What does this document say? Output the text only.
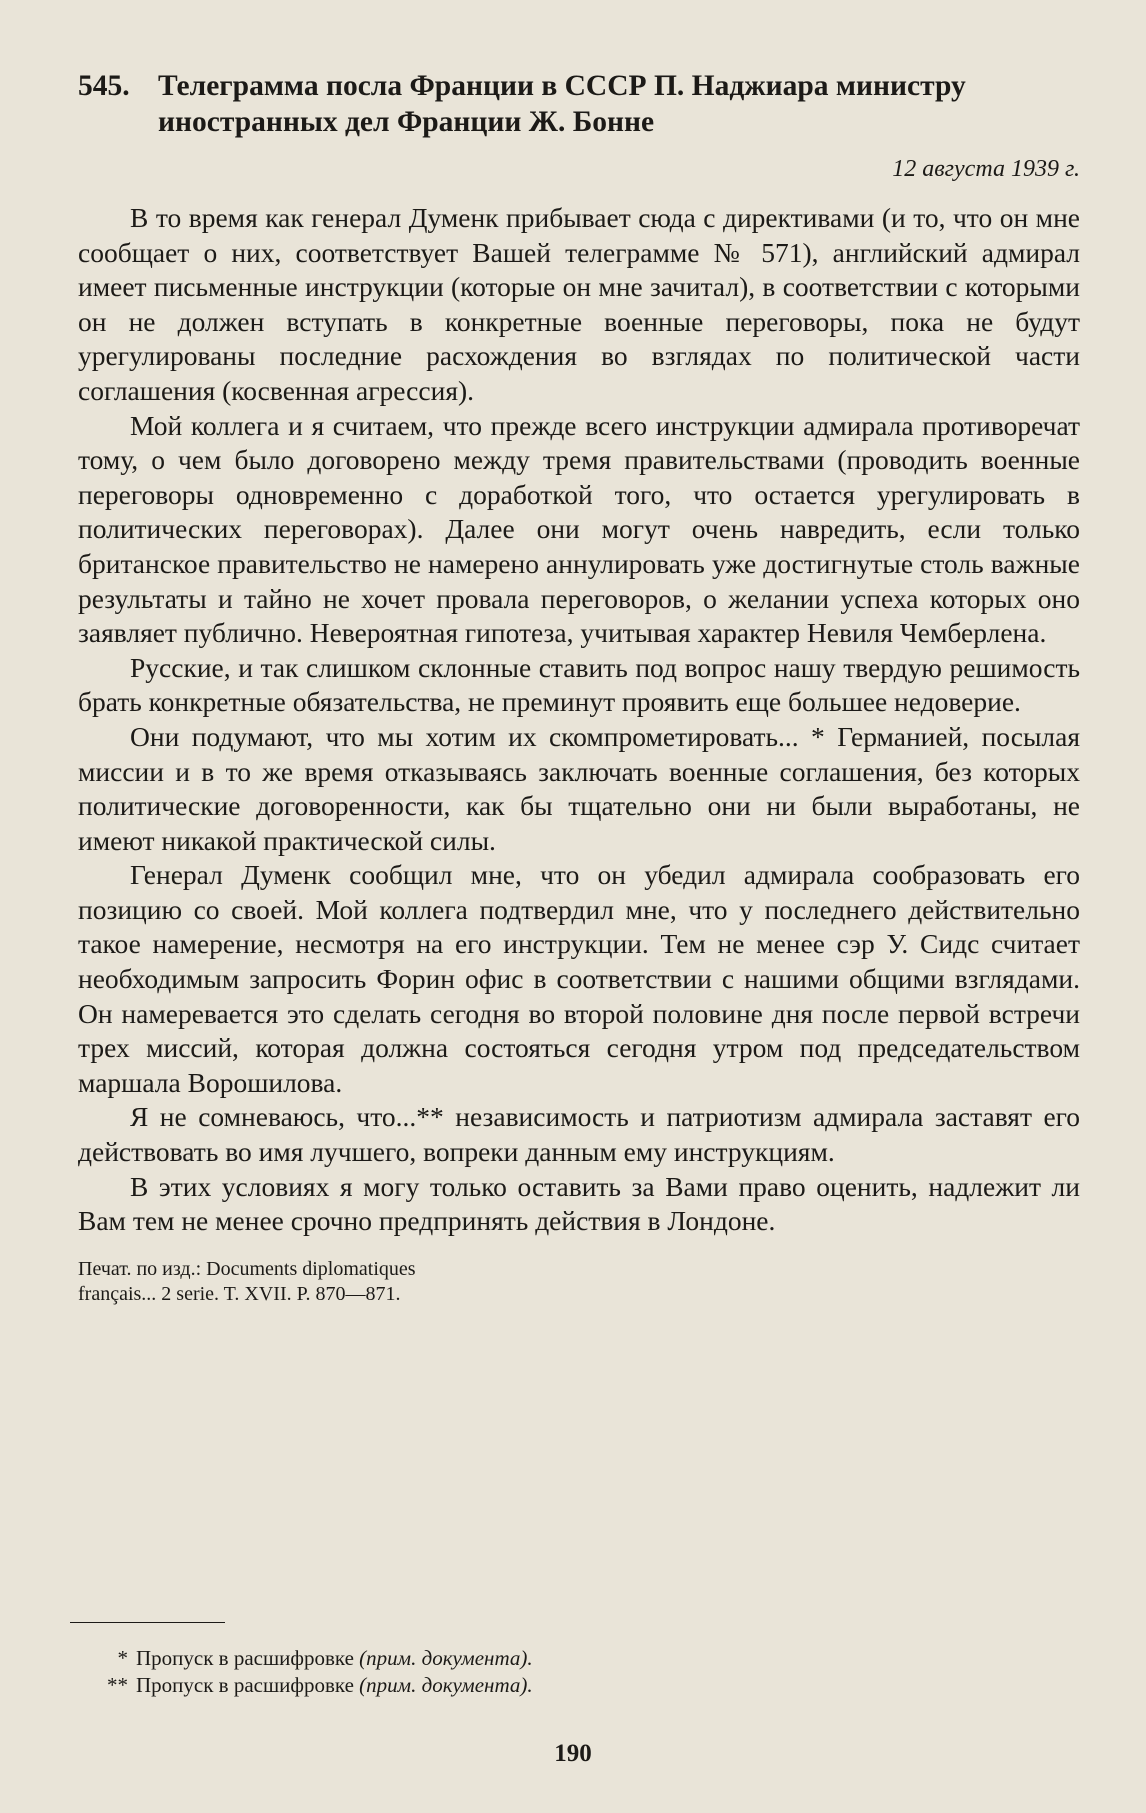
545. Телеграмма посла Франции в СССР П. Наджиара министру иностранных дел Франции Ж. Бонне
12 августа 1939 г.

В то время как генерал Думенк прибывает сюда с директивами (и то, что он мне сообщает о них, соответствует Вашей телеграмме № 571), английский адмирал имеет письменные инструкции (которые он мне зачитал), в соответствии с которыми он не должен вступать в конкретные военные переговоры, пока не будут урегулированы последние расхождения во взглядах по политической части соглашения (косвенная агрессия).

Мой коллега и я считаем, что прежде всего инструкции адмирала противоречат тому, о чем было договорено между тремя правительствами (проводить военные переговоры одновременно с доработкой того, что остается урегулировать в политических переговорах). Далее они могут очень навредить, если только британское правительство не намерено аннулировать уже достигнутые столь важные результаты и тайно не хочет провала переговоров, о желании успеха которых оно заявляет публично. Невероятная гипотеза, учитывая характер Невиля Чемберлена.

Русские, и так слишком склонные ставить под вопрос нашу твердую решимость брать конкретные обязательства, не преминут проявить еще большее недоверие.

Они подумают, что мы хотим их скомпрометировать... * Германией, посылая миссии и в то же время отказываясь заключать военные соглашения, без которых политические договоренности, как бы тщательно они ни были выработаны, не имеют никакой практической силы.

Генерал Думенк сообщил мне, что он убедил адмирала сообразовать его позицию со своей. Мой коллега подтвердил мне, что у последнего действительно такое намерение, несмотря на его инструкции. Тем не менее сэр У. Сидс считает необходимым запросить Форин офис в соответствии с нашими общими взглядами. Он намеревается это сделать сегодня во второй половине дня после первой встречи трех миссий, которая должна состояться сегодня утром под председательством маршала Ворошилова.

Я не сомневаюсь, что...** независимость и патриотизм адмирала заставят его действовать во имя лучшего, вопреки данным ему инструкциям.

В этих условиях я могу только оставить за Вами право оценить, надлежит ли Вам тем не менее срочно предпринять действия в Лондоне.

Печат. по изд.: Documents diplomatiques
français... 2 serie. T. XVII. P. 870—871.
* Пропуск в расшифровке (прим. документа).
** Пропуск в расшифровке (прим. документа).
190
